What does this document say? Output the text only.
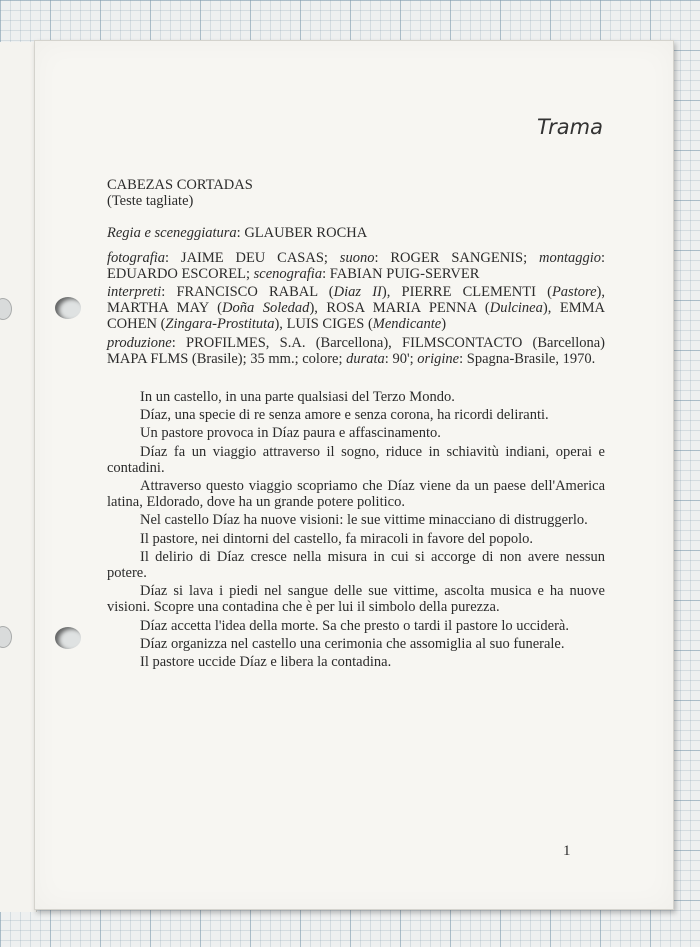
Trama

CABEZAS CORTADAS

(Teste tagliate)

Regia e sceneggiatura: GLAUBER ROCHA

fotografia: JAIME DEU CASAS; suono: ROGER SANGENIS; montaggio: EDUARDO ESCOREL; scenografia: FABIAN PUIG-SERVER

interpreti: FRANCISCO RABAL (Diaz II), PIERRE CLEMENTI (Pastore), MARTHA MAY (Doña Soledad), ROSA MARIA PENNA (Dulcinea), EMMA COHEN (Zingara-Prostituta), LUIS CIGES (Mendicante)

produzione: PROFILMES, S.A. (Barcellona), FILMSCONTACTO (Barcellona) MAPA FLMS (Brasile); 35 mm.; colore; durata: 90'; origine: Spagna-Brasile, 1970.

In un castello, in una parte qualsiasi del Terzo Mondo.

Díaz, una specie di re senza amore e senza corona, ha ricordi deliranti.

Un pastore provoca in Díaz paura e affascinamento.

Díaz fa un viaggio attraverso il sogno, riduce in schiavitù indiani, operai e contadini.

Attraverso questo viaggio scopriamo che Díaz viene da un paese dell'America latina, Eldorado, dove ha un grande potere politico.

Nel castello Díaz ha nuove visioni: le sue vittime minacciano di distruggerlo.

Il pastore, nei dintorni del castello, fa miracoli in favore del popolo.

Il delirio di Díaz cresce nella misura in cui si accorge di non avere nessun potere.

Díaz si lava i piedi nel sangue delle sue vittime, ascolta musica e ha nuove visioni. Scopre una contadina che è per lui il simbolo della purezza.

Díaz accetta l'idea della morte. Sa che presto o tardi il pastore lo ucciderà.

Díaz organizza nel castello una cerimonia che assomiglia al suo funerale.

Il pastore uccide Díaz e libera la contadina.

1
